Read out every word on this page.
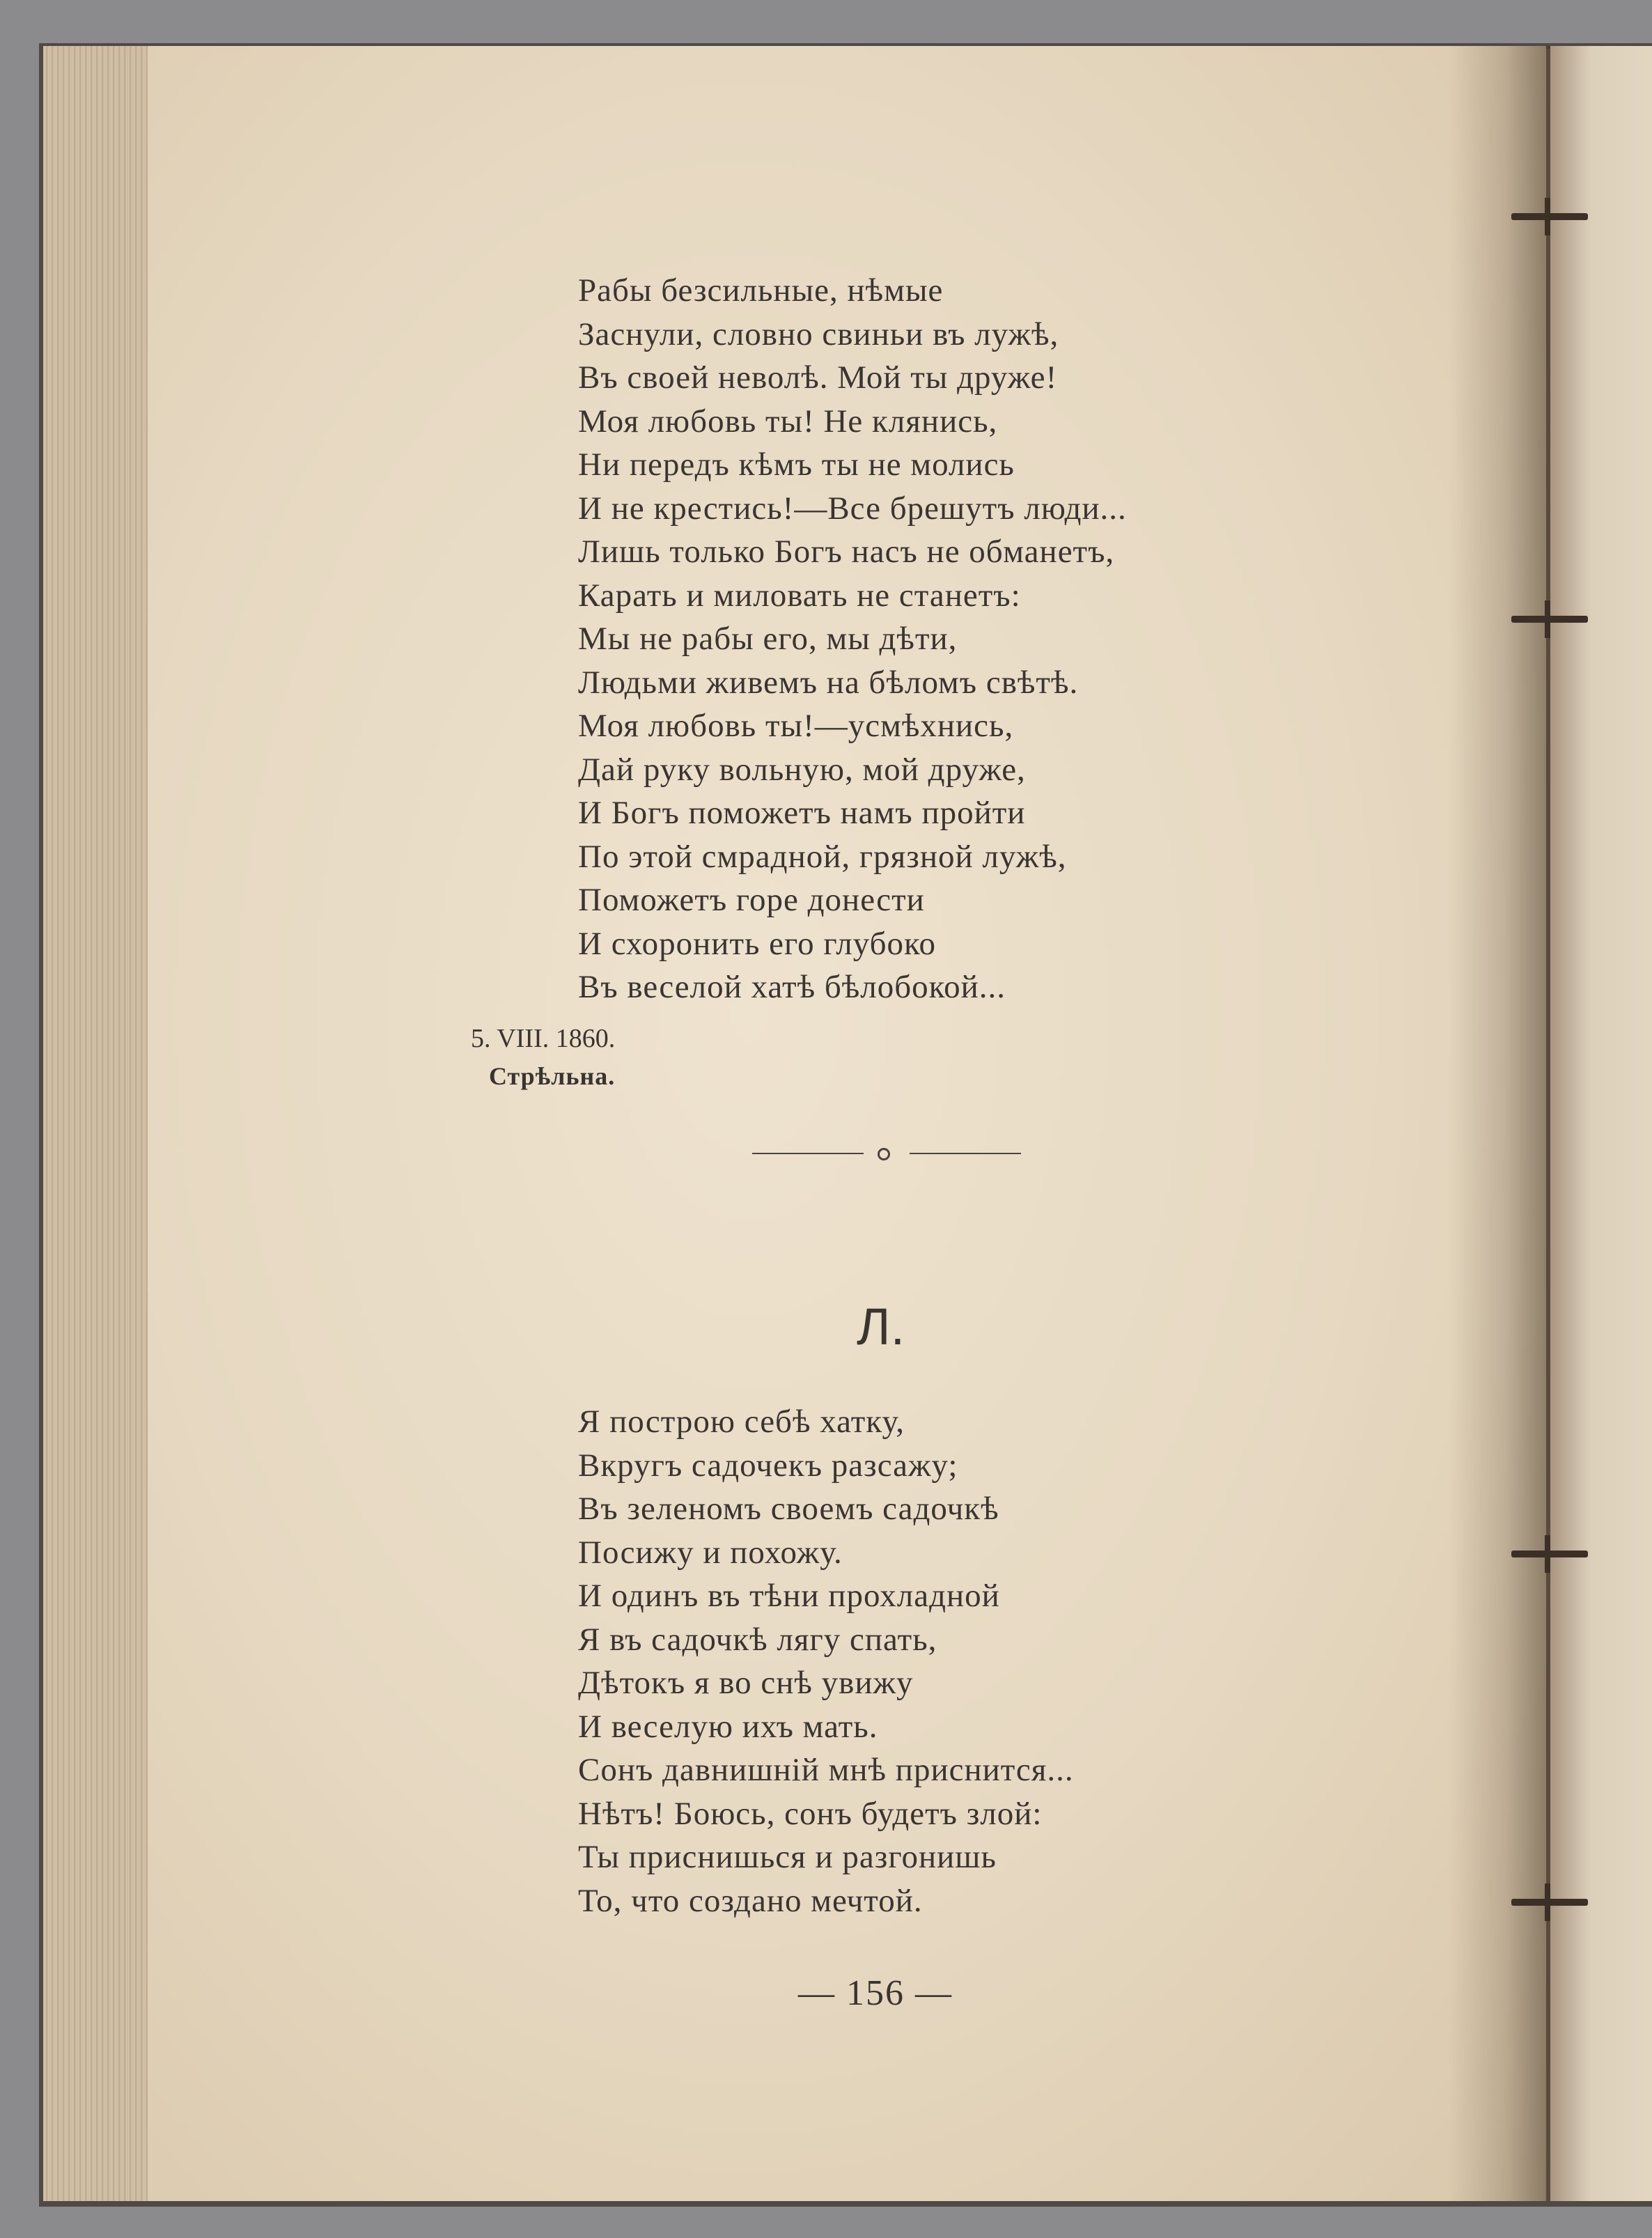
Рабы безсильные, нѣмые
Заснули, словно свиньи въ лужѣ,
Въ своей неволѣ. Мой ты друже!
Моя любовь ты! Не клянись,
Ни передъ кѣмъ ты не молись
И не крестись!—Все брешутъ люди...
Лишь только Богъ насъ не обманетъ,
Карать и миловать не станетъ:
Мы не рабы его, мы дѣти,
Людьми живемъ на бѣломъ свѣтѣ.
Моя любовь ты!—усмѣхнись,
Дай руку вольную, мой друже,
И Богъ поможетъ намъ пройти
По этой смрадной, грязной лужѣ,
Поможетъ горе донести
И схоронить его глубоко
Въ веселой хатѣ бѣлобокой...
5. VIII. 1860.
Стрѣльна.
Л.
Я построю себѣ хатку,
Вкругъ садочекъ разсажу;
Въ зеленомъ своемъ садочкѣ
Посижу и похожу.
И одинъ въ тѣни прохладной
Я въ садочкѣ лягу спать,
Дѣтокъ я во снѣ увижу
И веселую ихъ мать.
Сонъ давнишній мнѣ приснится...
Нѣтъ! Боюсь, сонъ будетъ злой:
Ты приснишься и разгонишь
То, что создано мечтой.
— 156 —
